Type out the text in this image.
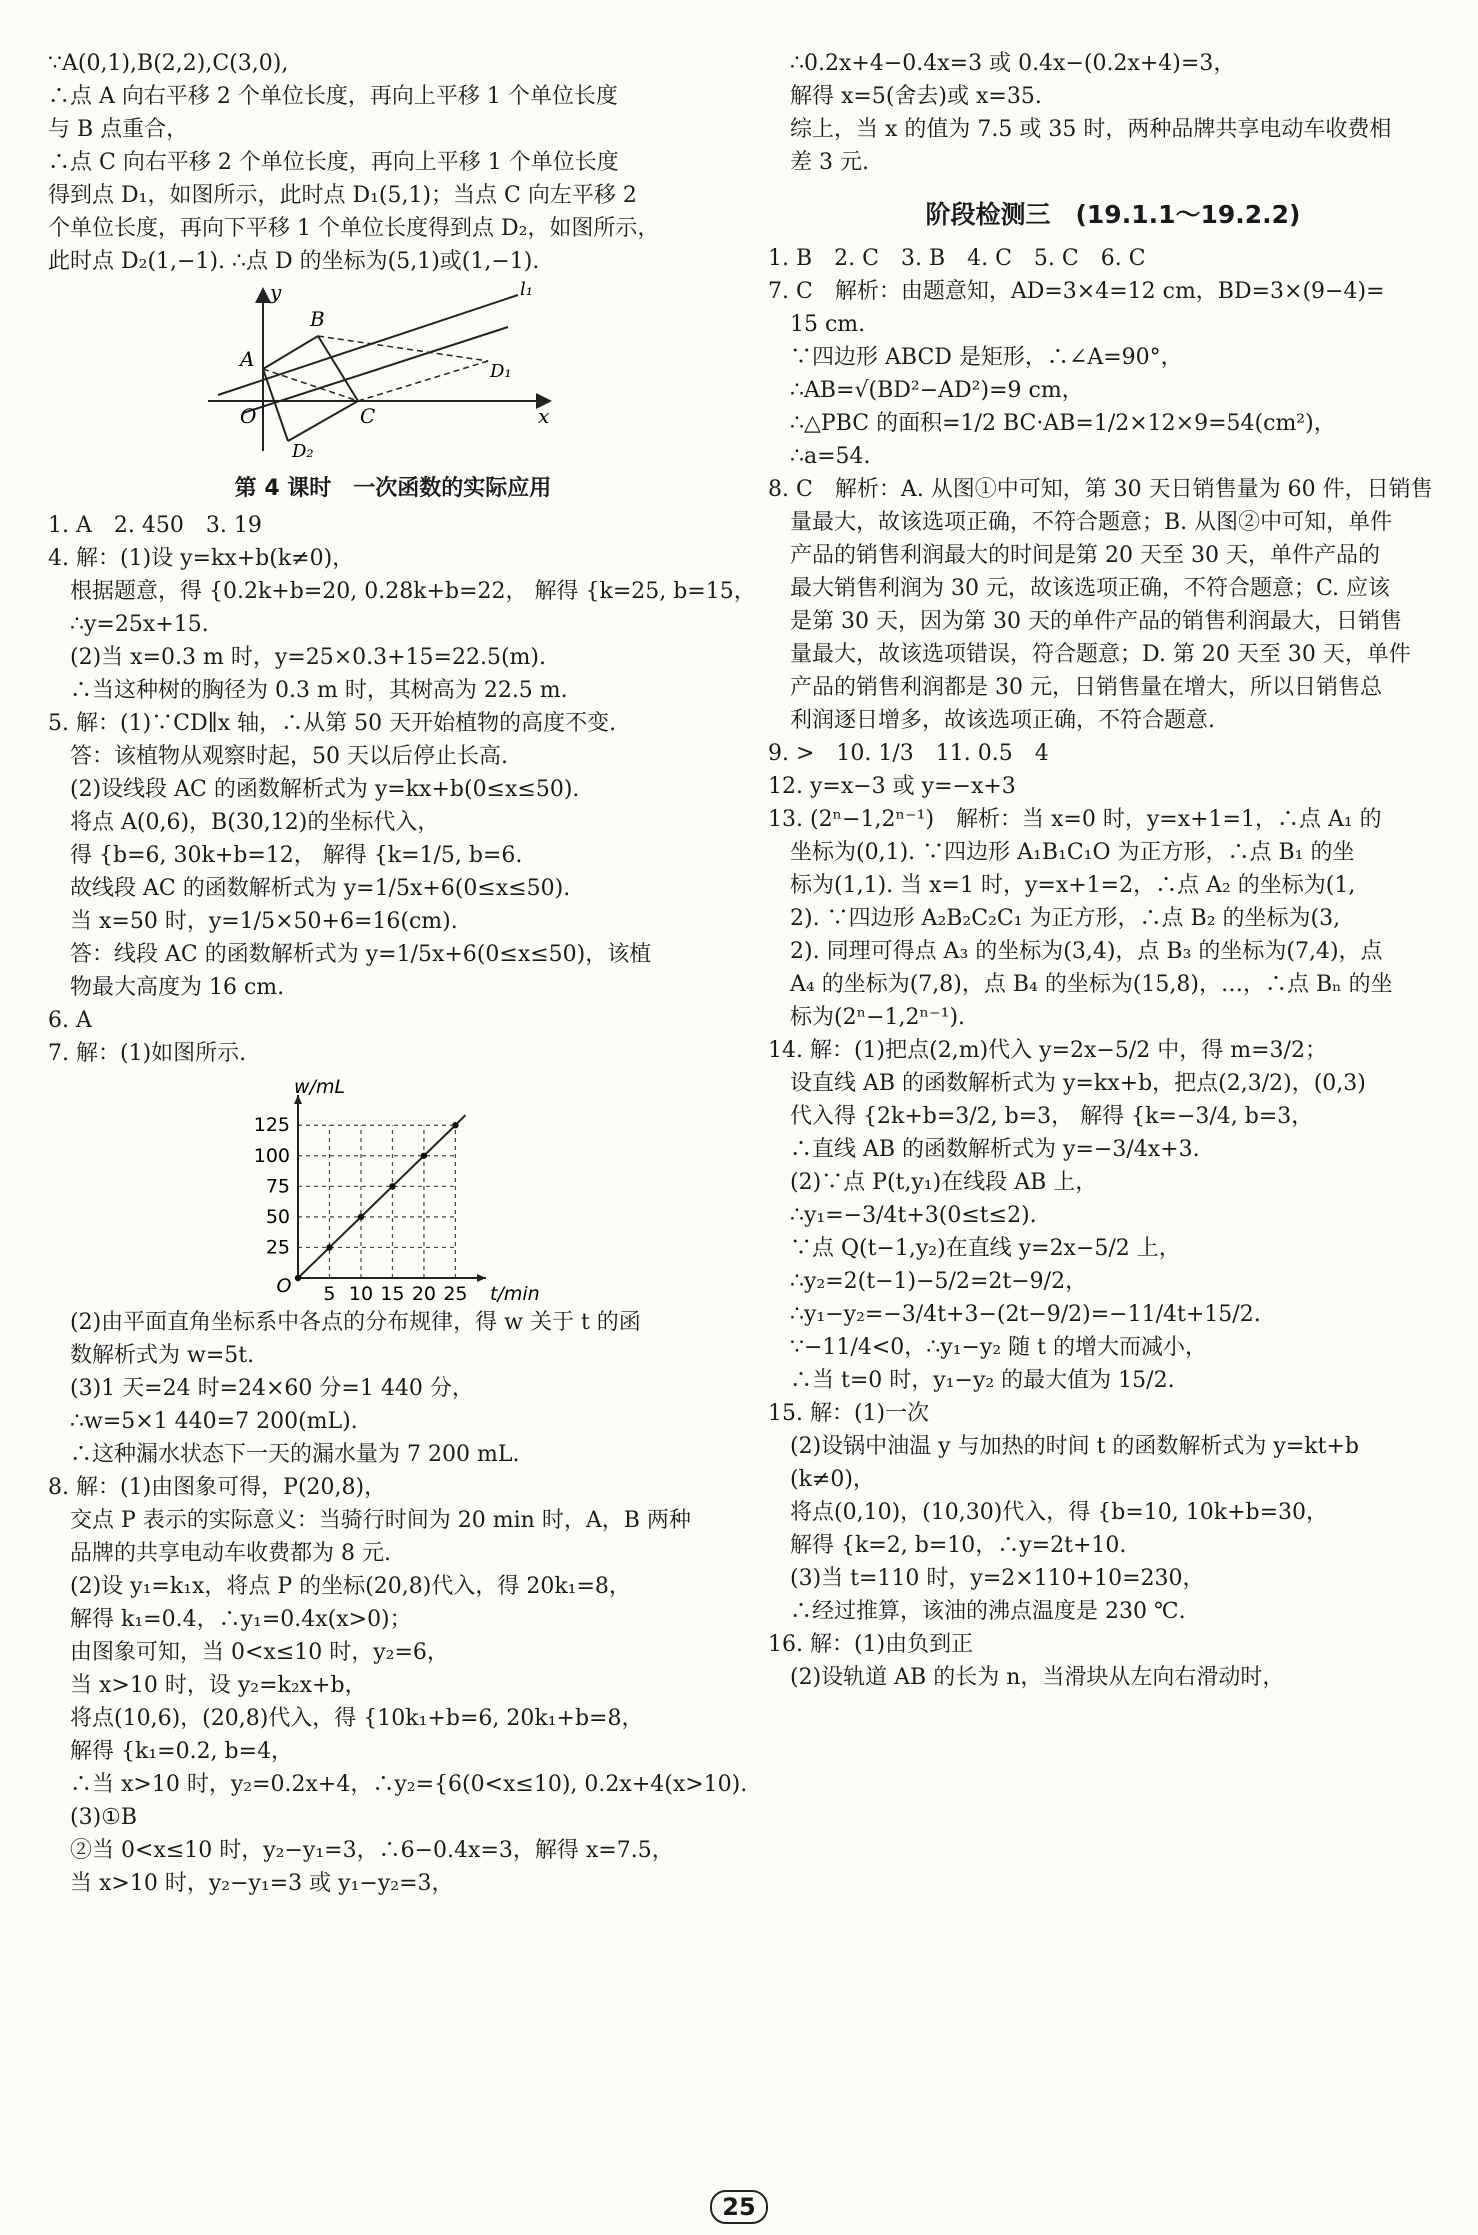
∵A(0,1),B(2,2),C(3,0),
∴点 A 向右平移 2 个单位长度，再向上平移 1 个单位长度
与 B 点重合，
∴点 C 向右平移 2 个单位长度，再向上平移 1 个单位长度
得到点 D₁，如图所示，此时点 D₁(5,1)；当点 C 向左平移 2
个单位长度，再向下平移 1 个单位长度得到点 D₂，如图所示，
此时点 D₂(1,−1). ∴点 D 的坐标为(5,1)或(1,−1).
y
x
O
A
B
C
D₁
D₂
l₁
第 4 课时　一次函数的实际应用
1. A　2. 450　3. 19
4. 解：(1)设 y=kx+b(k≠0)，
根据题意，得 {0.2k+b=20, 0.28k+b=22， 解得 {k=25, b=15，
∴y=25x+15.
(2)当 x=0.3 m 时，y=25×0.3+15=22.5(m).
∴当这种树的胸径为 0.3 m 时，其树高为 22.5 m.
5. 解：(1)∵CD∥x 轴，∴从第 50 天开始植物的高度不变.
答：该植物从观察时起，50 天以后停止长高.
(2)设线段 AC 的函数解析式为 y=kx+b(0≤x≤50).
将点 A(0,6)，B(30,12)的坐标代入，
得 {b=6, 30k+b=12， 解得 {k=1/5, b=6.
故线段 AC 的函数解析式为 y=1/5x+6(0≤x≤50).
当 x=50 时，y=1/5×50+6=16(cm).
答：线段 AC 的函数解析式为 y=1/5x+6(0≤x≤50)，该植
物最大高度为 16 cm.
6. A
7. 解：(1)如图所示.
5 10 15 20 25
25
50
75
100
125
O	t/min
w/mL
(2)由平面直角坐标系中各点的分布规律，得 w 关于 t 的函
数解析式为 w=5t.
(3)1 天=24 时=24×60 分=1 440 分，
∴w=5×1 440=7 200(mL).
∴这种漏水状态下一天的漏水量为 7 200 mL.
8. 解：(1)由图象可得，P(20,8)，
交点 P 表示的实际意义：当骑行时间为 20 min 时，A，B 两种
品牌的共享电动车收费都为 8 元.
(2)设 y₁=k₁x，将点 P 的坐标(20,8)代入，得 20k₁=8，
解得 k₁=0.4，∴y₁=0.4x(x>0)；
由图象可知，当 0<x≤10 时，y₂=6，
当 x>10 时，设 y₂=k₂x+b，
将点(10,6)，(20,8)代入，得 {10k₁+b=6, 20k₁+b=8，
解得 {k₁=0.2, b=4，
∴当 x>10 时，y₂=0.2x+4，∴y₂={6(0<x≤10), 0.2x+4(x>10).
(3)①B
②当 0<x≤10 时，y₂−y₁=3，∴6−0.4x=3，解得 x=7.5，
当 x>10 时，y₂−y₁=3 或 y₁−y₂=3，
∴0.2x+4−0.4x=3 或 0.4x−(0.2x+4)=3，
解得 x=5(舍去)或 x=35.
综上，当 x 的值为 7.5 或 35 时，两种品牌共享电动车收费相
差 3 元.
阶段检测三　(19.1.1～19.2.2)
1. B　2. C　3. B　4. C　5. C　6. C
7. C　解析：由题意知，AD=3×4=12 cm，BD=3×(9−4)=
15 cm.
∵四边形 ABCD 是矩形，∴∠A=90°，
∴AB=√(BD²−AD²)=9 cm，
∴△PBC 的面积=1/2 BC·AB=1/2×12×9=54(cm²)，
∴a=54.
8. C　解析：A. 从图①中可知，第 30 天日销售量为 60 件，日销售
量最大，故该选项正确，不符合题意；B. 从图②中可知，单件
产品的销售利润最大的时间是第 20 天至 30 天，单件产品的
最大销售利润为 30 元，故该选项正确，不符合题意；C. 应该
是第 30 天，因为第 30 天的单件产品的销售利润最大，日销售
量最大，故该选项错误，符合题意；D. 第 20 天至 30 天，单件
产品的销售利润都是 30 元，日销售量在增大，所以日销售总
利润逐日增多，故该选项正确，不符合题意.
9. >　10. 1/3　11. 0.5　4
12. y=x−3 或 y=−x+3
13. (2ⁿ−1,2ⁿ⁻¹)　解析：当 x=0 时，y=x+1=1，∴点 A₁ 的
坐标为(0,1). ∵四边形 A₁B₁C₁O 为正方形，∴点 B₁ 的坐
标为(1,1). 当 x=1 时，y=x+1=2，∴点 A₂ 的坐标为(1,
2). ∵四边形 A₂B₂C₂C₁ 为正方形，∴点 B₂ 的坐标为(3,
2). 同理可得点 A₃ 的坐标为(3,4)，点 B₃ 的坐标为(7,4)，点
A₄ 的坐标为(7,8)，点 B₄ 的坐标为(15,8)，…，∴点 Bₙ 的坐
标为(2ⁿ−1,2ⁿ⁻¹).
14. 解：(1)把点(2,m)代入 y=2x−5/2 中，得 m=3/2；
设直线 AB 的函数解析式为 y=kx+b，把点(2,3/2)，(0,3)
代入得 {2k+b=3/2, b=3， 解得 {k=−3/4, b=3，
∴直线 AB 的函数解析式为 y=−3/4x+3.
(2)∵点 P(t,y₁)在线段 AB 上，
∴y₁=−3/4t+3(0≤t≤2).
∵点 Q(t−1,y₂)在直线 y=2x−5/2 上，
∴y₂=2(t−1)−5/2=2t−9/2，
∴y₁−y₂=−3/4t+3−(2t−9/2)=−11/4t+15/2.
∵−11/4<0，∴y₁−y₂ 随 t 的增大而减小，
∴当 t=0 时，y₁−y₂ 的最大值为 15/2.
15. 解：(1)一次
(2)设锅中油温 y 与加热的时间 t 的函数解析式为 y=kt+b
(k≠0)，
将点(0,10)，(10,30)代入，得 {b=10, 10k+b=30，
解得 {k=2, b=10，∴y=2t+10.
(3)当 t=110 时，y=2×110+10=230，
∴经过推算，该油的沸点温度是 230 ℃.
16. 解：(1)由负到正
(2)设轨道 AB 的长为 n，当滑块从左向右滑动时，
25
